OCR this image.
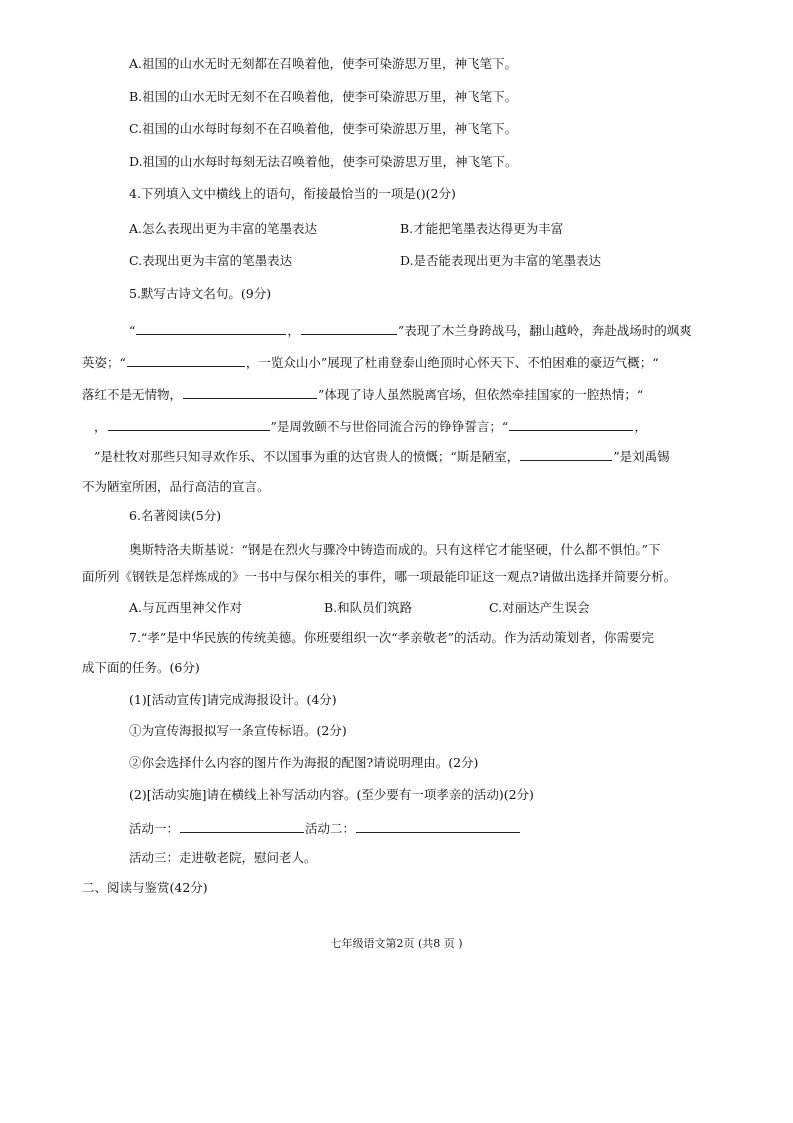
A.祖国的山水无时无刻都在召唤着他，使李可染游思万里，神飞笔下。
B.祖国的山水无时无刻不在召唤着他，使李可染游思万里，神飞笔下。
C.祖国的山水每时每刻不在召唤着他，使李可染游思万里，神飞笔下。
D.祖国的山水每时每刻无法召唤着他，使李可染游思万里，神飞笔下。
4.下列填入文中横线上的语句，衔接最恰当的一项是()(2分)
A.怎么表现出更为丰富的笔墨表达	B.才能把笔墨表达得更为丰富
C.表现出更为丰富的笔墨表达	D.是否能表现出更为丰富的笔墨表达
5.默写古诗文名句。(9分)
“	，	”表现了木兰身跨战马，翻山越岭，奔赴战场时的飒爽
英姿；“	，一览众山小”展现了杜甫登泰山绝顶时心怀天下、不怕困难的豪迈气概；“
落红不是无情物，	”体现了诗人虽然脱离官场，但依然牵挂国家的一腔热情；“
，	”是周敦颐不与世俗同流合污的铮铮誓言；“	，
”是杜牧对那些只知寻欢作乐、不以国事为重的达官贵人的愤慨；“斯是陋室，	”是刘禹锡
不为陋室所困，品行高洁的宣言。
6.名著阅读(5分)
奥斯特洛夫斯基说：“钢是在烈火与骤冷中铸造而成的。只有这样它才能坚硬，什么都不惧怕。”下
面所列《钢铁是怎样炼成的》一书中与保尔相关的事件，哪一项最能印证这一观点?请做出选择并简要分析。
A.与瓦西里神父作对	B.和队员们筑路	C.对丽达产生误会
7.“孝”是中华民族的传统美德。你班要组织一次“孝亲敬老”的活动。作为活动策划者，你需要完
成下面的任务。(6分)
(1)[活动宣传]请完成海报设计。(4分)
①为宣传海报拟写一条宣传标语。(2分)
②你会选择什么内容的图片作为海报的配图?请说明理由。(2分)
(2)[活动实施]请在横线上补写活动内容。(至少要有一项孝亲的活动)(2分)
活动一：	活动二：
活动三：走进敬老院，慰问老人。
二、阅读与鉴赏(42分)
七年级语文第2页 (共8 页 )
